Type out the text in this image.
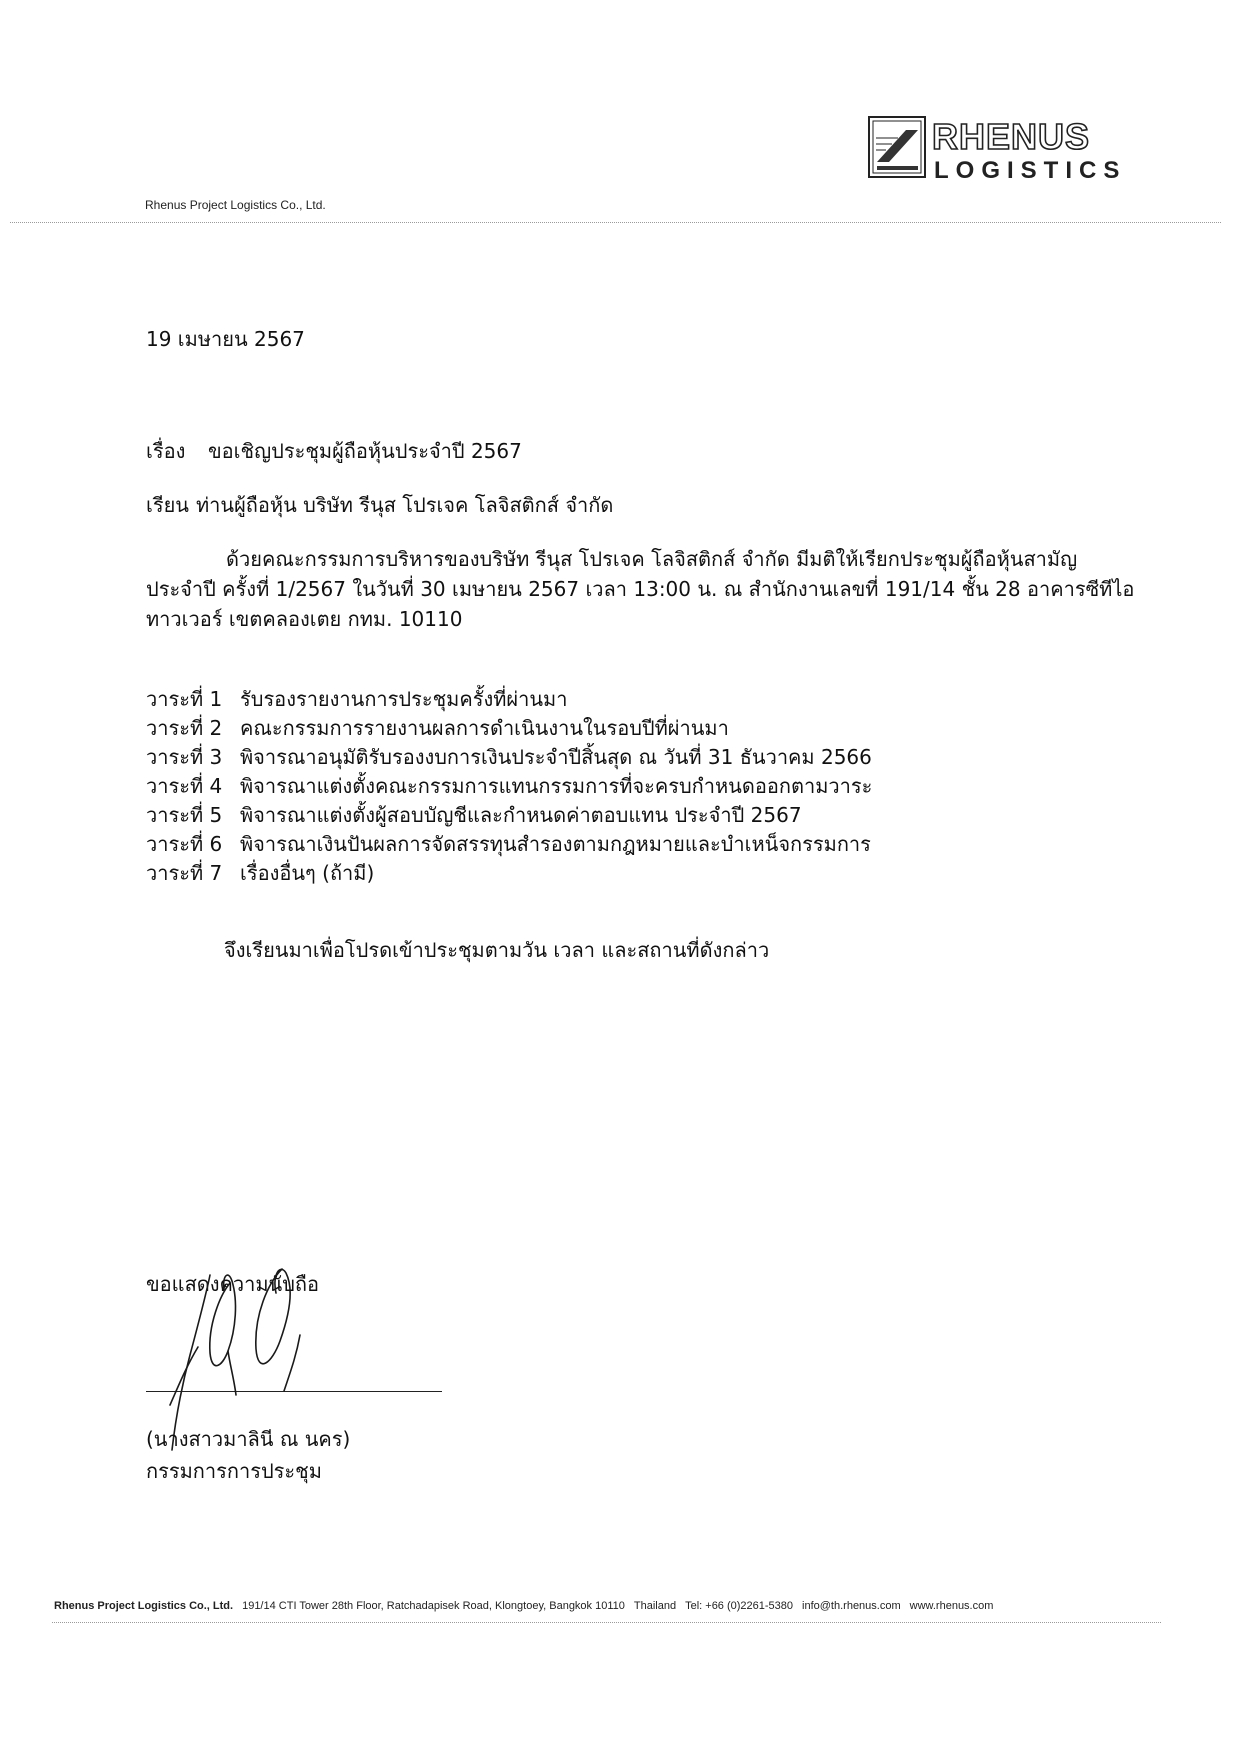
RHENUS
LOGISTICS
Rhenus Project Logistics Co., Ltd.
19 เมษายน 2567
เรื่อง ขอเชิญประชุมผู้ถือหุ้นประจำปี 2567
เรียน ท่านผู้ถือหุ้น บริษัท รีนุส โปรเจค โลจิสติกส์ จำกัด
ด้วยคณะกรรมการบริหารของบริษัท รีนุส โปรเจค โลจิสติกส์ จำกัด มีมติให้เรียกประชุมผู้ถือหุ้นสามัญ
ประจำปี ครั้งที่ 1/2567 ในวันที่ 30 เมษายน 2567 เวลา 13:00 น. ณ สำนักงานเลขที่ 191/14 ชั้น 28 อาคารซีทีไอ
ทาวเวอร์ เขตคลองเตย กทม. 10110
วาระที่ 1 รับรองรายงานการประชุมครั้งที่ผ่านมา
วาระที่ 2 คณะกรรมการรายงานผลการดำเนินงานในรอบปีที่ผ่านมา
วาระที่ 3 พิจารณาอนุมัติรับรองงบการเงินประจำปีสิ้นสุด ณ วันที่ 31 ธันวาคม 2566
วาระที่ 4 พิจารณาแต่งตั้งคณะกรรมการแทนกรรมการที่จะครบกำหนดออกตามวาระ
วาระที่ 5 พิจารณาแต่งตั้งผู้สอบบัญชีและกำหนดค่าตอบแทน ประจำปี 2567
วาระที่ 6 พิจารณาเงินปันผลการจัดสรรทุนสำรองตามกฎหมายและบำเหน็จกรรมการ
วาระที่ 7 เรื่องอื่นๆ (ถ้ามี)
จึงเรียนมาเพื่อโปรดเข้าประชุมตามวัน เวลา และสถานที่ดังกล่าว
ขอแสดงความนับถือ
(นางสาวมาลินี ณ นคร)
กรรมการการประชุม
Rhenus Project Logistics Co., Ltd. 191/14 CTI Tower 28th Floor, Ratchadapisek Road, Klongtoey, Bangkok 10110 Thailand Tel: +66 (0)2261-5380 info@th.rhenus.com www.rhenus.com
